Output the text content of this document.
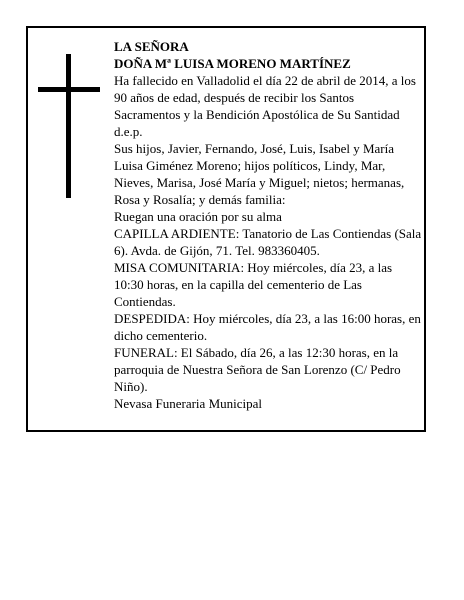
LA SEÑORA

DOÑA Mª LUISA MORENO MARTÍNEZ

Ha fallecido en Valladolid el día 22 de abril de 2014, a los 90 años de edad, después de recibir los Santos Sacramentos y la Bendición Apostólica de Su Santidad d.e.p.

Sus hijos, Javier, Fernando, José, Luis, Isabel y María Luisa Giménez Moreno; hijos políticos, Lindy, Mar, Nieves, Marisa, José María y Miguel; nietos; hermanas, Rosa y Rosalía; y demás familia:

Ruegan una oración por su alma

CAPILLA ARDIENTE: Tanatorio de Las Contiendas (Sala 6). Avda. de Gijón, 71. Tel. 983360405.

MISA COMUNITARIA: Hoy miércoles, día 23, a las 10:30 horas, en la capilla del cementerio de Las Contiendas.

DESPEDIDA: Hoy miércoles, día 23, a las 16:00 horas, en dicho cementerio.

FUNERAL: El Sábado, día 26, a las 12:30 horas, en la parroquia de Nuestra Señora de San Lorenzo (C/ Pedro Niño).

Nevasa Funeraria Municipal
